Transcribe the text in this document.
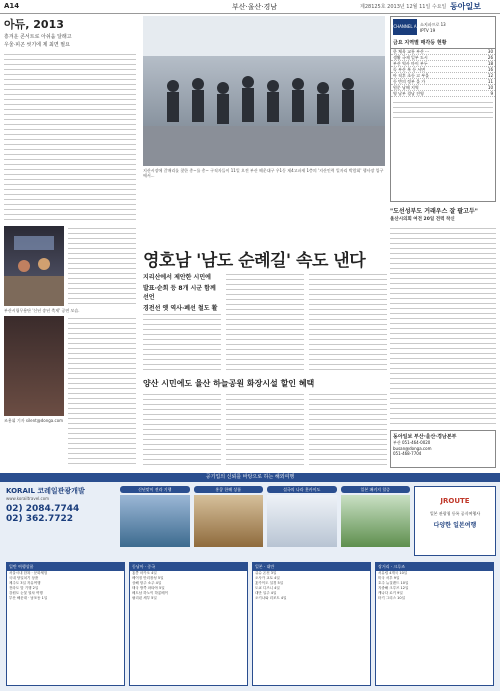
A14	부산·울산·경남	제28125호 2013년 12월 11일 수요일 동아일보
아듀, 2013
흥겨운 콘서트로 아쉬움 달래고
우울·피곤 씻기에 제 최면 필요
부산시립무용단 '신년 송년 축제' 공연 모습.
조용휘 기자 silent@donga.com
지산시장에 갈매리를 찾한 총∼를 총∼ 구직자들이 11일 오전 부산 해운대구 우1동 제4고파제 1층의 '지산인력 일자리 박람회' 행사장 입구에서...
영호남 '남도 순례길' 속도 낸다
지리산에서 제안한 시민에
발표·순회 등 8개 시군 함께 선언
경전선 옛 역사·폐선 철도 활
양산 시민에도 율산 하늘공원 화장시설 할인 혜택
CHANNEL A 소지파프로 13
IPTV 19
금요 지역별 매각등 현황
한 체육 교통 부산 ···	30
생활 국제 일부 도시	26
부산 역사 마이 부두	18
독 부산 복 등 서면	16
아 직후 초등 고 부울	12
등 반의 정부 울 가	11
원문 남해 지역	10
영 남부 경남 진영	9
"도선성부도 거래우스 잘 팔고두"
울산시의회 여전 20일 전력 착신
동아일보 부산·울산·경남본부
부산 051-464-0020
busan@donga.com
051-468-7704
공기업의 신뢰를 바탕으로 하는 해외여행
KORAIL 코레일관광개발
www.korailtravel.com
02) 2084.7744
02) 362.7722
신년맞이 전라 기행	홍콩 한해 상품	설국의 나라 홋카이도	일본 패키지 할증
JROUTE
일본 관광청 등록 공식여행사
다양한 일본여행
일반 여행상품
서울시내 한복 · 문화체험
국내 당일치기 상품
제주도 3일 자유여행
전라도 맛 기행 2일
강원도 눈꽃 열차 여행
부산 해운대 · 남포동 1일
동남아 · 중국
홍콩 마카오 4일
베이징 만리장성 5일
상해 항주 소주 4일
태국 방콕 파타야 5일
베트남 하노이 하롱베이
필리핀 세부 5일
일본 · 대만
큐슈 온천 3일
오사카 교토 4일
홋카이도 설경 5일
도쿄 디즈니 4일
대만 일주 4일
오키나와 리조트 4일
장거리 · 크루즈
서유럽 4개국 10일
미국 서부 9일
호주 뉴질랜드 10일
지중해 크루즈 12일
캐나다 로키 9일
터키 그리스 10일
